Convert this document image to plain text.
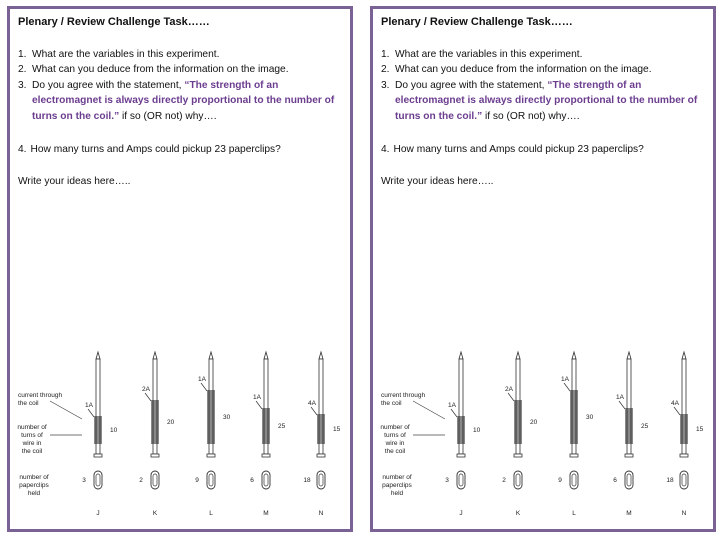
Plenary / Review Challenge Task……
1. What are the variables in this experiment.
2. What can you deduce from the information on the image.
3. Do you agree with the statement, “The strength of an electromagnet is always directly proportional to the number of turns on the coil.” if so (OR not) why….
4. How many turns and Amps could pickup 23 paperclips?
Write your ideas here…..
current through
the coil
number of
turns of
wire in
the coil
number of
paperclips
held
1A
10
3
J
2A
20
2
K
1A
30
9
L
1A
25
6
M
4A
15
18
N
Plenary / Review Challenge Task……
1. What are the variables in this experiment.
2. What can you deduce from the information on the image.
3. Do you agree with the statement, “The strength of an electromagnet is always directly proportional to the number of turns on the coil.” if so (OR not) why….
4. How many turns and Amps could pickup 23 paperclips?
Write your ideas here…..
current through
the coil
number of
turns of
wire in
the coil
number of
paperclips
held
1A
10
3
J
2A
20
2
K
1A
30
9
L
1A
25
6
M
4A
15
18
N
